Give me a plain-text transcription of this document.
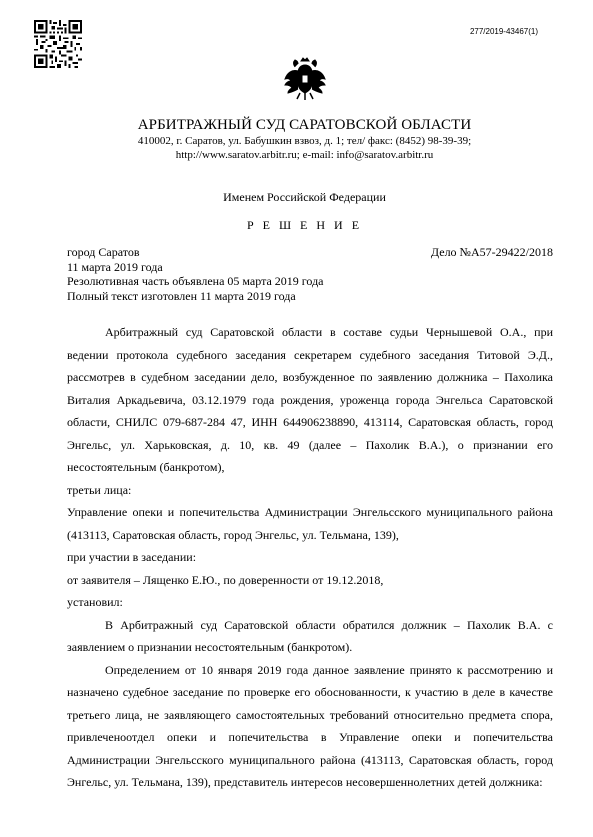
277/2019-43467(1)
АРБИТРАЖНЫЙ СУД САРАТОВСКОЙ ОБЛАСТИ
410002, г. Саратов, ул. Бабушкин взвоз, д. 1; тел/ факс: (8452) 98-39-39;
http://www.saratov.arbitr.ru; e-mail: info@saratov.arbitr.ru
Именем Российской Федерации
Р Е Ш Е Н И Е
город Саратов
11 марта 2019 года
Резолютивная часть объявлена 05 марта 2019 года
Полный текст изготовлен 11 марта 2019 года
Дело №А57-29422/2018

Арбитражный суд Саратовской области в составе судьи Чернышевой О.А., при ведении протокола судебного заседания секретарем судебного заседания Титовой Э.Д., рассмотрев в судебном заседании дело, возбужденное по заявлению должника – Пахолика Виталия Аркадьевича, 03.12.1979 года рождения, уроженца города Энгельса Саратовской области, СНИЛС 079-687-284 47, ИНН 644906238890, 413114, Саратовская область, город Энгельс, ул. Харьковская, д. 10, кв. 49 (далее – Пахолик В.А.), о признании его несостоятельным (банкротом),

третьи лица:

Управление опеки и попечительства Администрации Энгельсского муниципального района (413113, Саратовская область, город Энгельс, ул. Тельмана, 139),

при участии в заседании:

от заявителя – Лященко Е.Ю., по доверенности от 19.12.2018,

установил:

В Арбитражный суд Саратовской области обратился должник – Пахолик В.А. с заявлением о признании несостоятельным (банкротом).

Определением от 10 января 2019 года данное заявление принято к рассмотрению и назначено судебное заседание по проверке его обоснованности, к участию в деле в качестве третьего лица, не заявляющего самостоятельных требований относительно предмета спора, привлеченоотдел опеки и попечительства в Управление опеки и попечительства Администрации Энгельсского муниципального района (413113, Саратовская область, город Энгельс, ул. Тельмана, 139), представитель интересов несовершеннолетних детей должника:
